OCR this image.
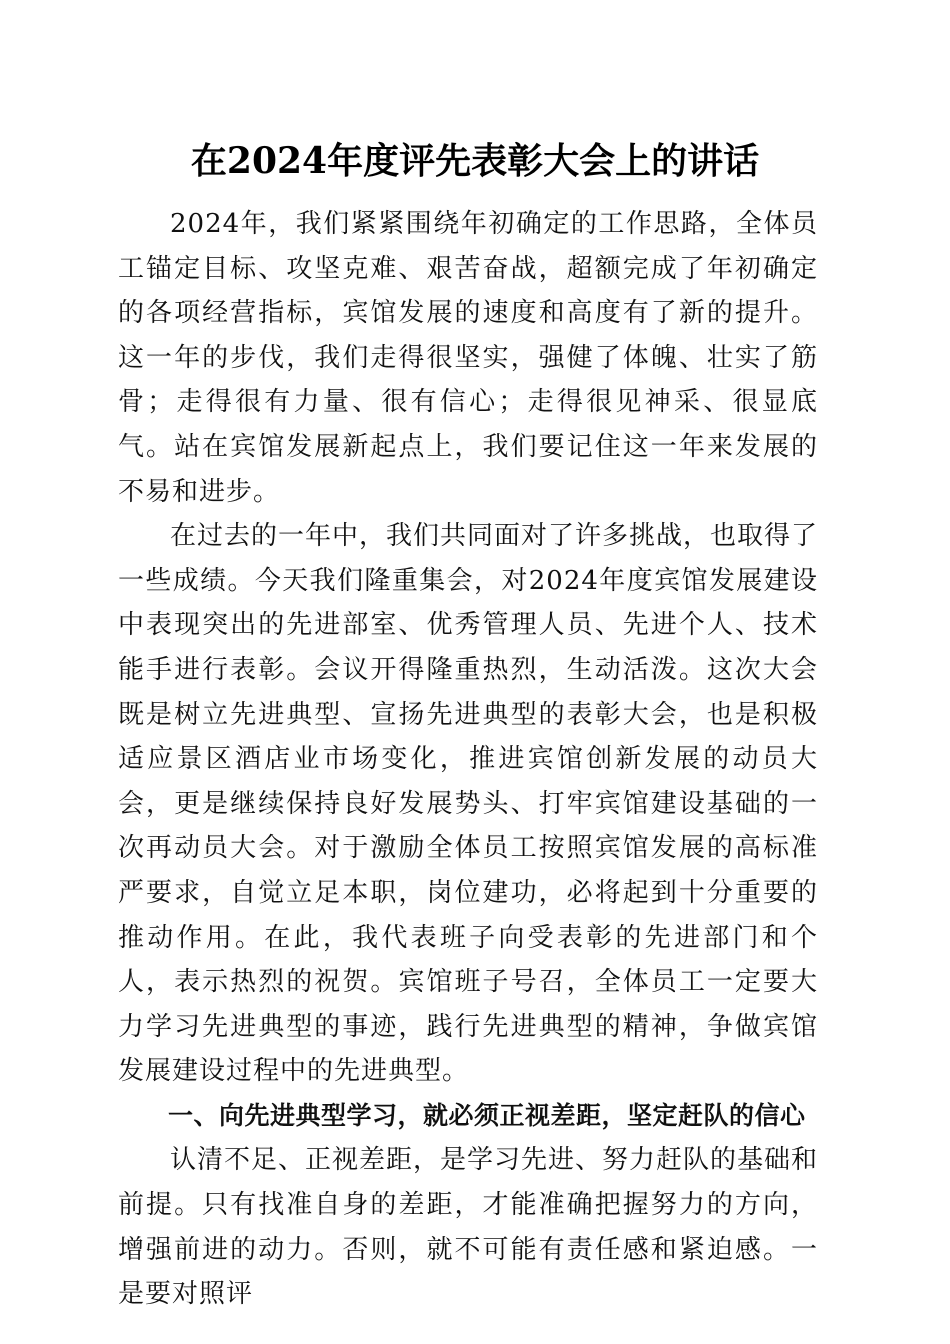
在2024年度评先表彰大会上的讲话

2024年，我们紧紧围绕年初确定的工作思路，全体员工锚定目标、攻坚克难、艰苦奋战，超额完成了年初确定的各项经营指标，宾馆发展的速度和高度有了新的提升。这一年的步伐，我们走得很坚实，强健了体魄、壮实了筋骨；走得很有力量、很有信心；走得很见神采、很显底气。站在宾馆发展新起点上，我们要记住这一年来发展的不易和进步。

在过去的一年中，我们共同面对了许多挑战，也取得了一些成绩。今天我们隆重集会，对2024年度宾馆发展建设中表现突出的先进部室、优秀管理人员、先进个人、技术能手进行表彰。会议开得隆重热烈，生动活泼。这次大会既是树立先进典型、宣扬先进典型的表彰大会，也是积极适应景区酒店业市场变化，推进宾馆创新发展的动员大会，更是继续保持良好发展势头、打牢宾馆建设基础的一次再动员大会。对于激励全体员工按照宾馆发展的高标准严要求，自觉立足本职，岗位建功，必将起到十分重要的推动作用。在此，我代表班子向受表彰的先进部门和个人，表示热烈的祝贺。宾馆班子号召，全体员工一定要大力学习先进典型的事迹，践行先进典型的精神，争做宾馆发展建设过程中的先进典型。

一、向先进典型学习，就必须正视差距，坚定赶队的信心

认清不足、正视差距，是学习先进、努力赶队的基础和前提。只有找准自身的差距，才能准确把握努力的方向，增强前进的动力。否则，就不可能有责任感和紧迫感。一是要对照评
